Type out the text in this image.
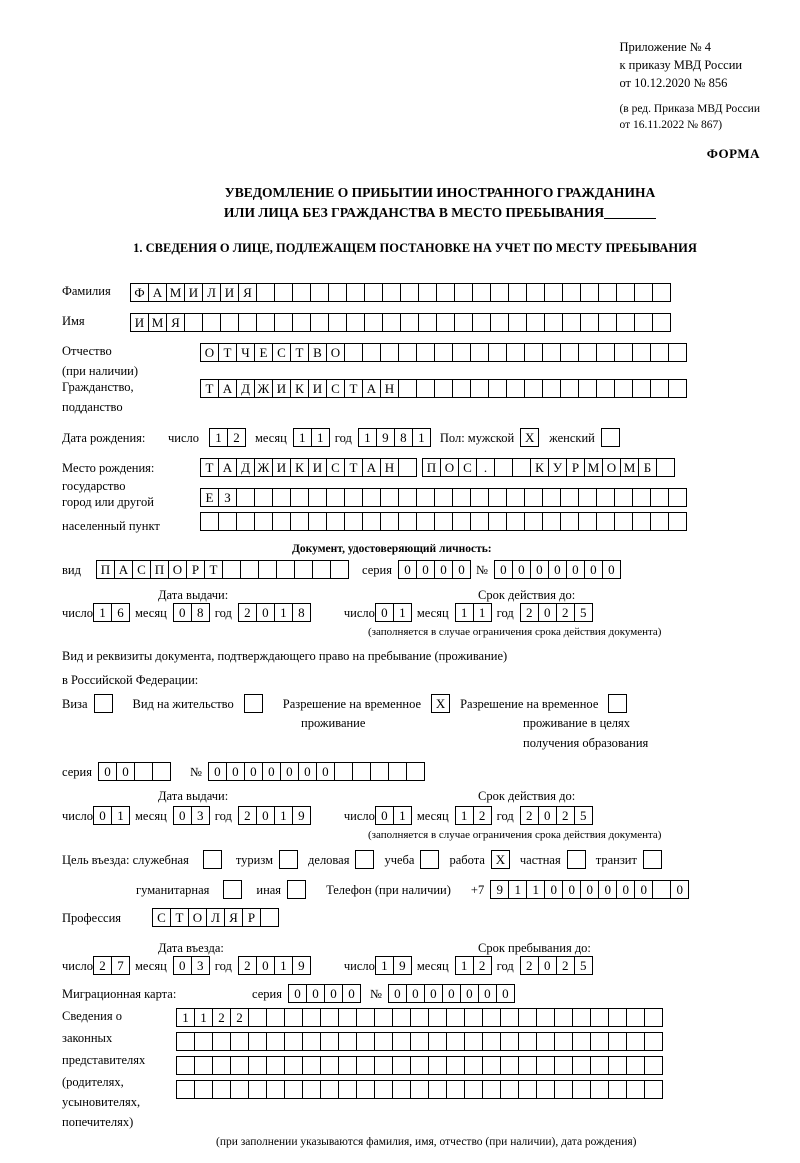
Приложение № 4
к приказу МВД России
от 10.12.2020 № 856
(в ред. Приказа МВД России
от 16.11.2022 № 867)
ФОРМА
УВЕДОМЛЕНИЕ О ПРИБЫТИИ ИНОСТРАННОГО ГРАЖДАНИНА
ИЛИ ЛИЦА БЕЗ ГРАЖДАНСТВА В МЕСТО ПРЕБЫВАНИЯ
1. СВЕДЕНИЯ О ЛИЦЕ, ПОДЛЕЖАЩЕМ ПОСТАНОВКЕ НА УЧЕТ ПО МЕСТУ ПРЕБЫВАНИЯ
Фамилия	Ф А М И Л И Я
Имя	И М Я
Отчество	О Т Ч Е С Т В О
(при наличии)
Гражданство,	Т А Д Ж И К И С Т А Н
подданство
Дата рождения:	число	1 2	месяц 1 1 год 1 9 8 1	Пол: мужской X	женский
Место рождения:	Т А Д Ж И К И С Т А Н	П О С .	К У Р М О М Б
государство
Е З
город или другой
населенный пункт
Документ, удостоверяющий личность:
вид	П А С П О Р Т	серия 0 0 0 0 № 0 0 0 0 0 0 0
Дата выдачи:	Срок действия до:
число 1 6 месяц 0 8 год 2 0 1 8	число 0 1 месяц 1 1 год 2 0 2 5
(заполняется в случае ограничения срока действия документа)
Вид и реквизиты документа, подтверждающего право на пребывание (проживание)
в Российской Федерации:
Виза	Вид на жительство	Разрешение на временное	X	Разрешение на временное
проживание	проживание в целях
получения образования
серия 0 0	№ 0 0 0 0 0 0 0
Дата выдачи:	Срок действия до:
число 0 1 месяц 0 3 год 2 0 1 9	число 0 1 месяц 1 2 год 2 0 2 5
(заполняется в случае ограничения срока действия документа)
Цель въезда: служебная	туризм	деловая	учеба	работа X	частная	транзит
гуманитарная	иная	Телефон (при наличии) +7 9 1 1 0 0 0 0 0 0	0
Профессия	С Т О Л Я Р
Дата въезда:	Срок пребывания до:
число 2 7 месяц 0 3 год 2 0 1 9	число 1 9 месяц 1 2 год 2 0 2 5
Миграционная карта:	серия 0 0 0 0	№ 0 0 0 0 0 0 0
Сведения о
законных
представителях
(родителях,
усыновителях,
попечителях)
1 1 2 2
(при заполнении указываются фамилия, имя, отчество (при наличии), дата рождения)
